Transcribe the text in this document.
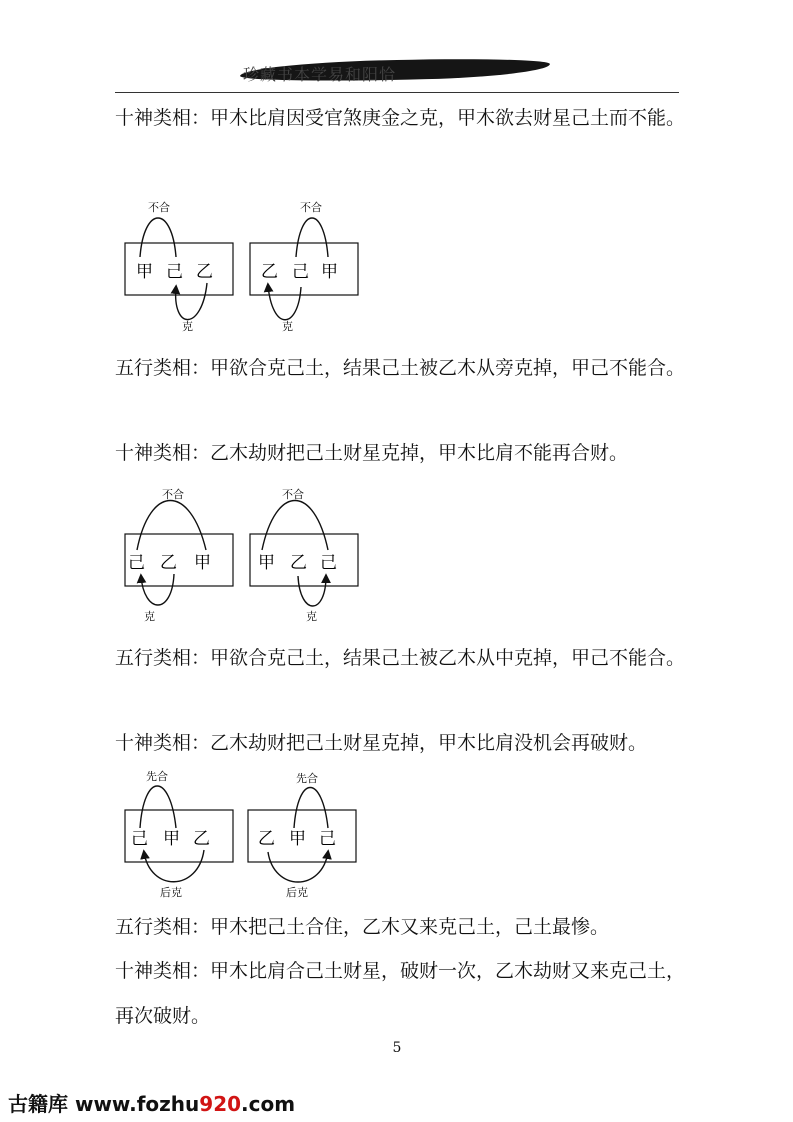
珍藏书本学易和阳恰

十神类相：甲木比肩因受官煞庚金之克，甲木欲去财星己土而不能。

不合
甲 己 乙
克
不合
乙 己 甲
克

五行类相：甲欲合克己土，结果己土被乙木从旁克掉，甲己不能合。

十神类相：乙木劫财把己土财星克掉，甲木比肩不能再合财。

不合
己 乙 甲
克
不合
甲 乙 己
克

五行类相：甲欲合克己土，结果己土被乙木从中克掉，甲己不能合。

十神类相：乙木劫财把己土财星克掉，甲木比肩没机会再破财。

先合
己 甲 乙
后克
先合
乙 甲 己
后克

五行类相：甲木把己土合住，乙木又来克己土，己土最惨。

十神类相：甲木比肩合己土财星，破财一次，乙木劫财又来克己土，再次破财。

5
古籍库 www.fozhu920.com
